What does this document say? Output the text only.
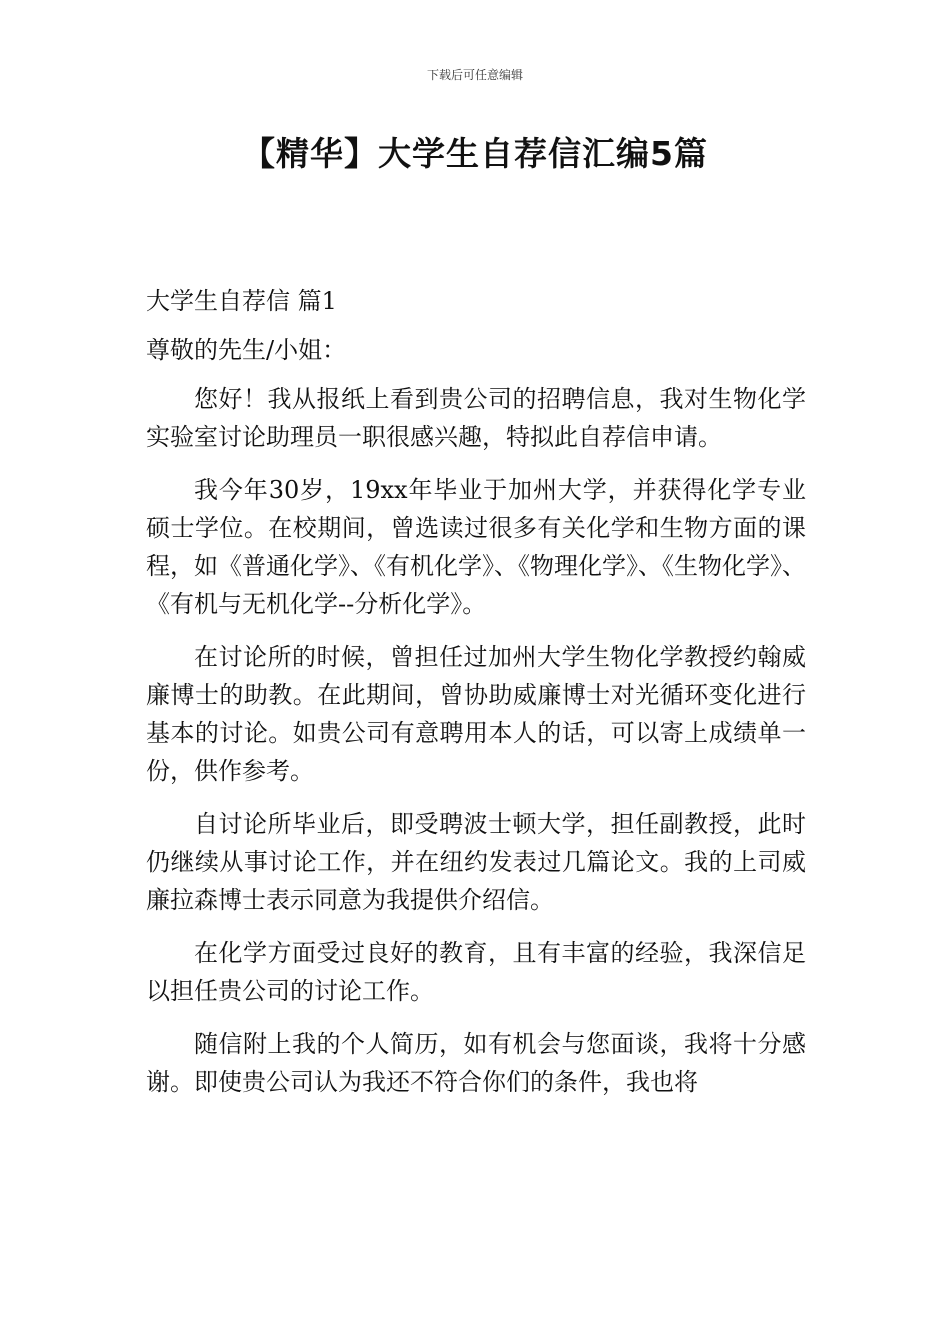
下载后可任意编辑
【精华】大学生自荐信汇编5篇

大学生自荐信 篇1

尊敬的先生/小姐：

您好！我从报纸上看到贵公司的招聘信息，我对生物化学实验室讨论助理员一职很感兴趣，特拟此自荐信申请。

我今年30岁，19xx年毕业于加州大学，并获得化学专业硕士学位。在校期间，曾选读过很多有关化学和生物方面的课程，如《普通化学》、《有机化学》、《物理化学》、《生物化学》、《有机与无机化学--分析化学》。

在讨论所的时候，曾担任过加州大学生物化学教授约翰威廉博士的助教。在此期间，曾协助威廉博士对光循环变化进行基本的讨论。如贵公司有意聘用本人的话，可以寄上成绩单一份，供作参考。

自讨论所毕业后，即受聘波士顿大学，担任副教授，此时仍继续从事讨论工作，并在纽约发表过几篇论文。我的上司威廉拉森博士表示同意为我提供介绍信。

在化学方面受过良好的教育，且有丰富的经验，我深信足以担任贵公司的讨论工作。

随信附上我的个人简历，如有机会与您面谈，我将十分感谢。即使贵公司认为我还不符合你们的条件，我也将
